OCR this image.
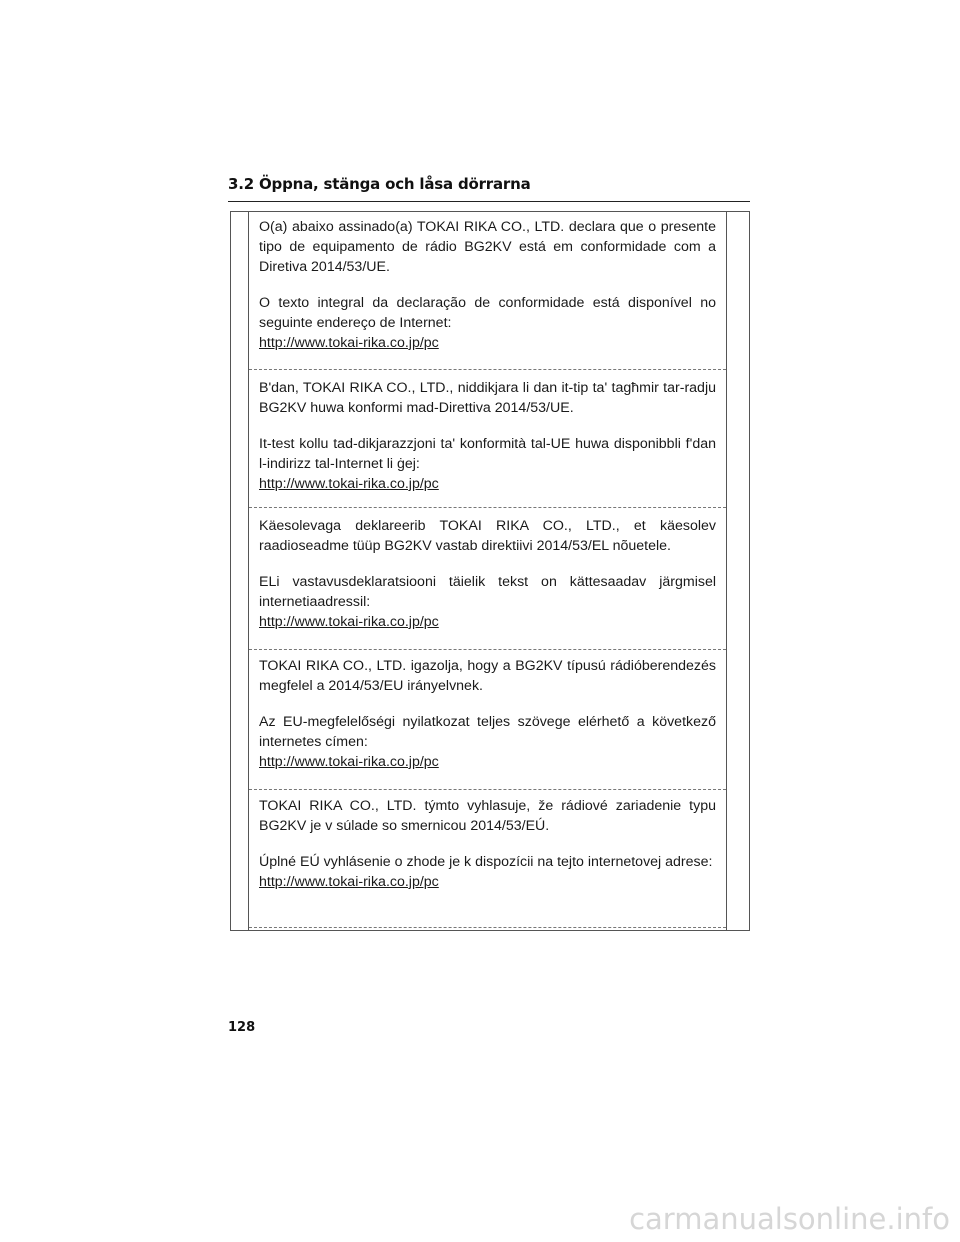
3.2 Öppna, stänga och låsa dörrarna

O(a) abaixo assinado(a) TOKAI RIKA CO., LTD. declara que o presente tipo de equipamento de rádio BG2KV está em conformidade com a Diretiva 2014/53/UE.

O texto integral da declaração de conformidade está disponível no seguinte endereço de Internet:

http://www.tokai-rika.co.jp/pc

B'dan, TOKAI RIKA CO., LTD., niddikjara li dan it-tip ta' tagħmir tar-radju BG2KV huwa konformi mad-Direttiva 2014/53/UE.

It-test kollu tad-dikjarazzjoni ta' konformità tal-UE huwa disponibbli f'dan l-indirizz tal-Internet li ġej:

http://www.tokai-rika.co.jp/pc

Käesolevaga deklareerib TOKAI RIKA CO., LTD., et käesolev raadioseadme tüüp BG2KV vastab direktiivi 2014/53/EL nõuetele.

ELi vastavusdeklaratsiooni täielik tekst on kättesaadav järgmisel internetiaadressil:

http://www.tokai-rika.co.jp/pc

TOKAI RIKA CO., LTD. igazolja, hogy a BG2KV típusú rádióberendezés megfelel a 2014/53/EU irányelvnek.

Az EU-megfelelőségi nyilatkozat teljes szövege elérhető a következő internetes címen:

http://www.tokai-rika.co.jp/pc

TOKAI RIKA CO., LTD. týmto vyhlasuje, že rádiové zariadenie typu BG2KV je v súlade so smernicou 2014/53/EÚ.

Úplné EÚ vyhlásenie o zhode je k dispozícii na tejto internetovej adrese:

http://www.tokai-rika.co.jp/pc
128
carmanualsonline.info
